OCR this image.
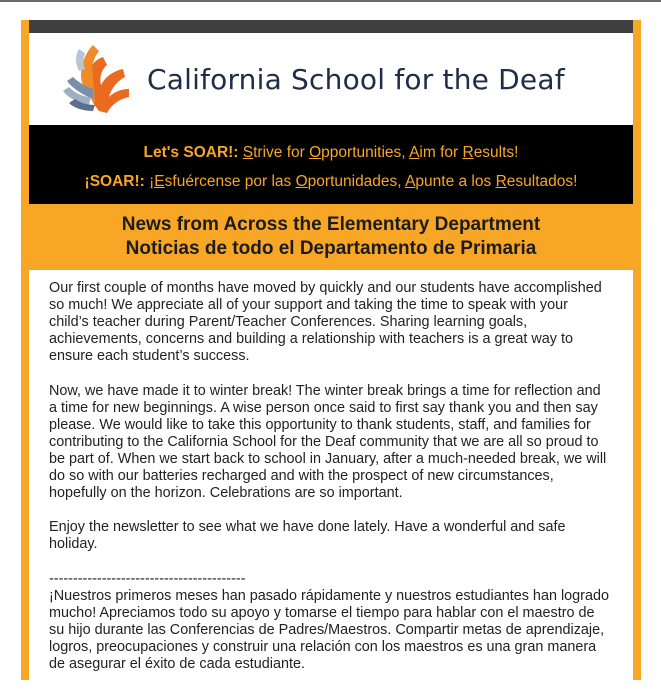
California School for the Deaf
Let's SOAR!: Strive for Opportunities, Aim for Results!
¡SOAR!: ¡Esfuércense por las Oportunidades, Apunte a los Resultados!
News from Across the Elementary Department
Noticias de todo el Departamento de Primaria

Our first couple of months have moved by quickly and our students have accomplished so much! We appreciate all of your support and taking the time to speak with your child’s teacher during Parent/Teacher Conferences. Sharing learning goals, achievements, concerns and building a relationship with teachers is a great way to ensure each student’s success.

Now, we have made it to winter break! The winter break brings a time for reflection and a time for new beginnings. A wise person once said to first say thank you and then say please. We would like to take this opportunity to thank students, staff, and families for contributing to the California School for the Deaf community that we are all so proud to be part of. When we start back to school in January, after a much-needed break, we will do so with our batteries recharged and with the prospect of new circumstances, hopefully on the horizon. Celebrations are so important.

Enjoy the newsletter to see what we have done lately. Have a wonderful and safe holiday.

-----------------------------------------

¡Nuestros primeros meses han pasado rápidamente y nuestros estudiantes han logrado mucho! Apreciamos todo su apoyo y tomarse el tiempo para hablar con el maestro de su hijo durante las Conferencias de Padres/Maestros. Compartir metas de aprendizaje, logros, preocupaciones y construir una relación con los maestros es una gran manera de asegurar el éxito de cada estudiante.
